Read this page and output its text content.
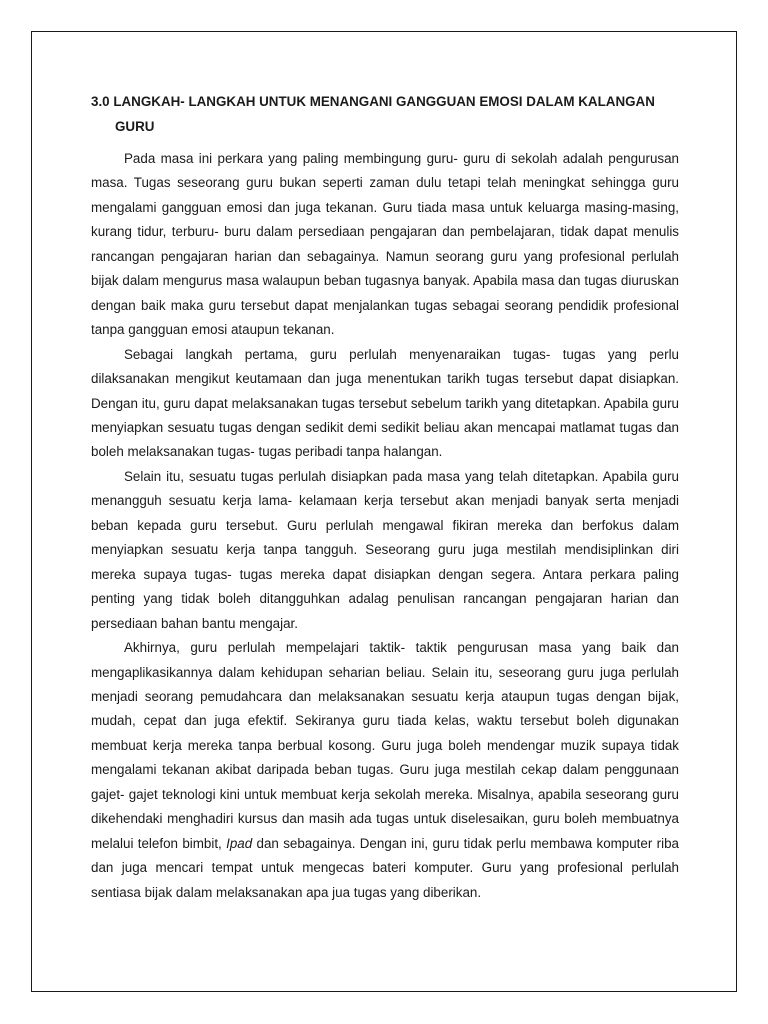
3.0 LANGKAH- LANGKAH UNTUK MENANGANI GANGGUAN EMOSI DALAM KALANGAN GURU

Pada masa ini perkara yang paling membingung guru- guru di sekolah adalah pengurusan masa. Tugas seseorang guru bukan seperti zaman dulu tetapi telah meningkat sehingga guru mengalami gangguan emosi dan juga tekanan. Guru tiada masa untuk keluarga masing-masing, kurang tidur, terburu- buru dalam persediaan pengajaran dan pembelajaran, tidak dapat menulis rancangan pengajaran harian dan sebagainya. Namun seorang guru yang profesional perlulah bijak dalam mengurus masa walaupun beban tugasnya banyak. Apabila masa dan tugas diuruskan dengan baik maka guru tersebut dapat menjalankan tugas sebagai seorang pendidik profesional tanpa gangguan emosi ataupun tekanan.

Sebagai langkah pertama, guru perlulah menyenaraikan tugas- tugas yang perlu dilaksanakan mengikut keutamaan dan juga menentukan tarikh tugas tersebut dapat disiapkan. Dengan itu, guru dapat melaksanakan tugas tersebut sebelum tarikh yang ditetapkan. Apabila guru menyiapkan sesuatu tugas dengan sedikit demi sedikit beliau akan mencapai matlamat tugas dan boleh melaksanakan tugas- tugas peribadi tanpa halangan.

Selain itu, sesuatu tugas perlulah disiapkan pada masa yang telah ditetapkan. Apabila guru menangguh sesuatu kerja lama- kelamaan kerja tersebut akan menjadi banyak serta menjadi beban kepada guru tersebut. Guru perlulah mengawal fikiran mereka dan berfokus dalam menyiapkan sesuatu kerja tanpa tangguh. Seseorang guru juga mestilah mendisiplinkan diri mereka supaya tugas- tugas mereka dapat disiapkan dengan segera. Antara perkara paling penting yang tidak boleh ditangguhkan adalag penulisan rancangan pengajaran harian dan persediaan bahan bantu mengajar.

Akhirnya, guru perlulah mempelajari taktik- taktik pengurusan masa yang baik dan mengaplikasikannya dalam kehidupan seharian beliau. Selain itu, seseorang guru juga perlulah menjadi seorang pemudahcara dan melaksanakan sesuatu kerja ataupun tugas dengan bijak, mudah, cepat dan juga efektif. Sekiranya guru tiada kelas, waktu tersebut boleh digunakan membuat kerja mereka tanpa berbual kosong. Guru juga boleh mendengar muzik supaya tidak mengalami tekanan akibat daripada beban tugas. Guru juga mestilah cekap dalam penggunaan gajet- gajet teknologi kini untuk membuat kerja sekolah mereka. Misalnya, apabila seseorang guru dikehendaki menghadiri kursus dan masih ada tugas untuk diselesaikan, guru boleh membuatnya melalui telefon bimbit, Ipad dan sebagainya. Dengan ini, guru tidak perlu membawa komputer riba dan juga mencari tempat untuk mengecas bateri komputer. Guru yang profesional perlulah sentiasa bijak dalam melaksanakan apa jua tugas yang diberikan.
